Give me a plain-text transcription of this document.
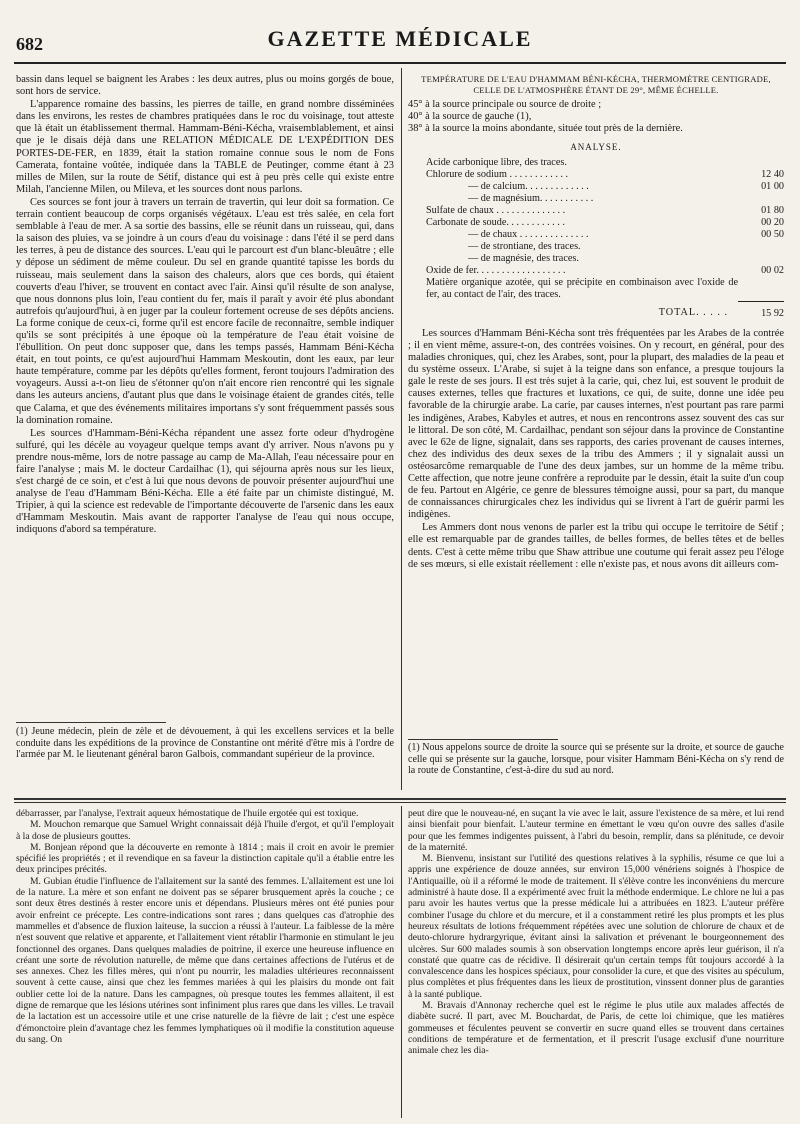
682	GAZETTE MÉDICALE

bassin dans lequel se baignent les Arabes : les deux autres, plus ou moins gorgés de boue, sont hors de service.

L'apparence romaine des bassins, les pierres de taille, en grand nombre disséminées dans les environs, les restes de chambres pratiquées dans le roc du voisinage, tout atteste que là était un établissement thermal. Hammam-Béni-Kécha, vraisemblablement, et ainsi que je le disais déjà dans une RELATION MÉDICALE DE L'EXPÉDITION DES PORTES-DE-FER, en 1839, était la station romaine connue sous le nom de Fons Camerata, fontaine voûtée, indiquée dans la TABLE de Peutinger, comme étant à 23 milles de Milen, sur la route de Sétif, distance qui est à peu près celle qui existe entre Milah, l'ancienne Milen, ou Mileva, et les sources dont nous parlons.

Ces sources se font jour à travers un terrain de travertin, qui leur doit sa formation. Ce terrain contient beaucoup de corps organisés végétaux. L'eau est très salée, en cela fort semblable à l'eau de mer. A sa sortie des bassins, elle se réunit dans un ruisseau, qui, dans la saison des pluies, va se joindre à un cours d'eau du voisinage : dans l'été il se perd dans les terres, à peu de distance des sources. L'eau qui le parcourt est d'un blanc-bleuâtre ; elle y dépose un sédiment de même couleur. Du sel en grande quantité tapisse les bords du ruisseau, mais seulement dans la saison des chaleurs, alors que ces bords, qui étaient couverts d'eau l'hiver, se trouvent en contact avec l'air. Ainsi qu'il résulte de son analyse, que nous donnons plus loin, l'eau contient du fer, mais il paraît y avoir été plus abondant autrefois qu'aujourd'hui, à en juger par la couleur fortement ocreuse de ses dépôts anciens. La forme conique de ceux-ci, forme qu'il est encore facile de reconnaître, semble indiquer qu'ils se sont précipités à une époque où la température de l'eau était voisine de l'ébullition. On peut donc supposer que, dans les temps passés, Hammam Béni-Kécha était, en tout points, ce qu'est aujourd'hui Hammam Meskoutin, dont les eaux, par leur haute température, comme par les dépôts qu'elles forment, feront toujours l'admiration des voyageurs. Aussi a-t-on lieu de s'étonner qu'on n'ait encore rien rencontré qui les signale dans les auteurs anciens, d'autant plus que dans le voisinage étaient de grandes cités, telle que Calama, et que des événements militaires importans s'y sont fréquemment passés sous la domination romaine.

Les sources d'Hammam-Béni-Kécha répandent une assez forte odeur d'hydrogène sulfuré, qui les décèle au voyageur quelque temps avant d'y arriver. Nous n'avons pu y prendre nous-même, lors de notre passage au camp de Ma-Allah, l'eau nécessaire pour en faire l'analyse ; mais M. le docteur Cardailhac (1), qui séjourna après nous sur les lieux, s'est chargé de ce soin, et c'est à lui que nous devons de pouvoir présenter aujourd'hui une analyse de l'eau d'Hammam Béni-Kécha. Elle a été faite par un chimiste distingué, M. Tripier, à qui la science est redevable de l'importante découverte de l'arsenic dans les eaux d'Hammam Meskoutin. Mais avant de rapporter l'analyse de l'eau qui nous occupe, indiquons d'abord sa température.

(1) Jeune médecin, plein de zèle et de dévouement, à qui les excellens services et la belle conduite dans les expéditions de la province de Constantine ont mérité d'être mis à l'ordre de l'armée par M. le lieutenant général baron Galbois, commandant supérieur de la province.
TEMPÉRATURE DE L'EAU D'HAMMAM BÉNI-KÉCHA, THERMOMÈTRE CENTIGRADE, CELLE DE L'ATMOSPHÈRE ÉTANT DE 29°, MÊME ÉCHELLE.
45° à la source principale ou source de droite ;
40° à la source de gauche (1),
38° à la source la moins abondante, située tout près de la dernière.
ANALYSE.
Acide carbonique libre, des traces.	
Chlorure de sodium . . . . . . . . . . . .	12 40
— de calcium. . . . . . . . . . . . .	01 00
— de magnésium. . . . . . . . . . .	
Sulfate de chaux . . . . . . . . . . . . . .	01 80
Carbonate de soude. . . . . . . . . . . .	00 20
— de chaux . . . . . . . . . . . . . .	00 50
— de strontiane, des traces.	
— de magnésie, des traces.	
Oxide de fer. . . . . . . . . . . . . . . . . .	00 02
Matière organique azotée, qui se précipite en combinaison avec l'oxide de fer, au contact de l'air, des traces.	
TOTAL. . . . .	15 92

Les sources d'Hammam Béni-Kécha sont très fréquentées par les Arabes de la contrée ; il en vient même, assure-t-on, des contrées voisines. On y recourt, en général, pour des maladies chroniques, qui, chez les Arabes, sont, pour la plupart, des maladies de la peau et du système osseux. L'Arabe, si sujet à la teigne dans son enfance, a presque toujours la gale le reste de ses jours. Il est très sujet à la carie, qui, chez lui, est souvent le produit de causes externes, telles que fractures et luxations, ce qui, de suite, donne une idée peu favorable de la chirurgie arabe. La carie, par causes internes, n'est pourtant pas rare parmi les indigènes, Arabes, Kabyles et autres, et nous en rencontrons assez souvent des cas sur le littoral. De son côté, M. Cardailhac, pendant son séjour dans la province de Constantine avec le 62e de ligne, signalait, dans ses rapports, des caries provenant de causes internes, chez des individus des deux sexes de la tribu des Ammers ; il y signalait aussi un ostéosarcôme remarquable de l'une des deux jambes, sur un homme de la même tribu. Cette affection, que notre jeune confrère a reproduite par le dessin, était la suite d'un coup de feu. Partout en Algérie, ce genre de blessures témoigne aussi, pour sa part, du manque de connaissances chirurgicales chez les individus qui se livrent à l'art de guérir parmi les indigènes.

Les Ammers dont nous venons de parler est la tribu qui occupe le territoire de Sétif ; elle est remarquable par de grandes tailles, de belles formes, de belles têtes et de belles dents. C'est à cette même tribu que Shaw attribue une coutume qui ferait assez peu l'éloge de ses mœurs, si elle existait réellement : elle n'existe pas, et nous avons dit ailleurs com-

(1) Nous appelons source de droite la source qui se présente sur la droite, et source de gauche celle qui se présente sur la gauche, lorsque, pour visiter Hammam Béni-Kécha on s'y rend de la route de Constantine, c'est-à-dire du sud au nord.

débarrasser, par l'analyse, l'extrait aqueux hémostatique de l'huile ergotée qui est toxique.

M. Mouchon remarque que Samuel Wright connaissait déjà l'huile d'ergot, et qu'il l'employait à la dose de plusieurs gouttes.

M. Bonjean répond que la découverte en remonte à 1814 ; mais il croit en avoir le premier spécifié les propriétés ; et il revendique en sa faveur la distinction capitale qu'il a établie entre les deux principes précités.

M. Gubian étudie l'influence de l'allaitement sur la santé des femmes. L'allaitement est une loi de la nature. La mère et son enfant ne doivent pas se séparer brusquement après la couche ; ce sont deux êtres destinés à rester encore unis et dépendans. Plusieurs mères ont été punies pour avoir enfreint ce précepte. Les contre-indications sont rares ; dans quelques cas d'atrophie des mammelles et d'absence de fluxion laiteuse, la succion a réussi à l'auteur. La faiblesse de la mère n'est souvent que relative et apparente, et l'allaitement vient rétablir l'harmonie en stimulant le jeu fonctionnel des organes. Dans quelques maladies de poitrine, il exerce une heureuse influence en créant une sorte de révolution naturelle, de même que dans certaines affections de l'utérus et de ses annexes. Chez les filles mères, qui n'ont pu nourrir, les maladies ultérieures reconnaissent souvent à cette cause, ainsi que chez les femmes mariées à qui les plaisirs du monde ont fait oublier cette loi de la nature. Dans les campagnes, où presque toutes les femmes allaitent, il est digne de remarque que les lésions utérines sont infiniment plus rares que dans les villes. Le travail de la lactation est un accessoire utile et une crise naturelle de la fièvre de lait ; c'est une espèce d'émonctoire plein d'avantage chez les femmes lymphatiques où il modifie la constitution aqueuse du sang. On

peut dire que le nouveau-né, en suçant la vie avec le lait, assure l'existence de sa mère, et lui rend ainsi bienfait pour bienfait. L'auteur termine en émettant le vœu qu'on ouvre des salles d'asile pour que les femmes indigentes puissent, à l'abri du besoin, remplir, dans sa plénitude, ce devoir de la maternité.

M. Bienvenu, insistant sur l'utilité des questions relatives à la syphilis, résume ce que lui a appris une expérience de douze années, sur environ 15,000 vénériens soignés à l'hospice de l'Antiquaille, où il a réformé le mode de traitement. Il s'élève contre les inconvéniens du mercure administré à haute dose. Il a expérimenté avec fruit la méthode endermique. Le chlore ne lui a pas paru avoir les hautes vertus que la presse médicale lui a attribuées en 1823. L'auteur préfère combiner l'usage du chlore et du mercure, et il a constamment retiré les plus prompts et les plus heureux résultats de lotions fréquemment répétées avec une solution de chlorure de chaux et de deuto-chlorure hydrargyrique, évitant ainsi la salivation et prévenant le bourgeonnement des ulcères. Sur 600 malades soumis à son observation longtemps encore après leur guérison, il n'a constaté que quatre cas de récidive. Il désirerait qu'un certain temps fût toujours accordé à la convalescence dans les hospices spéciaux, pour consolider la cure, et que des visites au spéculum, plus complètes et plus fréquentes dans les lieux de prostitution, vinssent donner plus de garanties à la santé publique.

M. Bravais d'Annonay recherche quel est le régime le plus utile aux malades affectés de diabète sucré. Il part, avec M. Bouchardat, de Paris, de cette loi chimique, que les matières gommeuses et féculentes peuvent se convertir en sucre quand elles se trouvent dans certaines conditions de température et de fermentation, et il prescrit l'usage exclusif d'une nourriture animale chez les dia-
